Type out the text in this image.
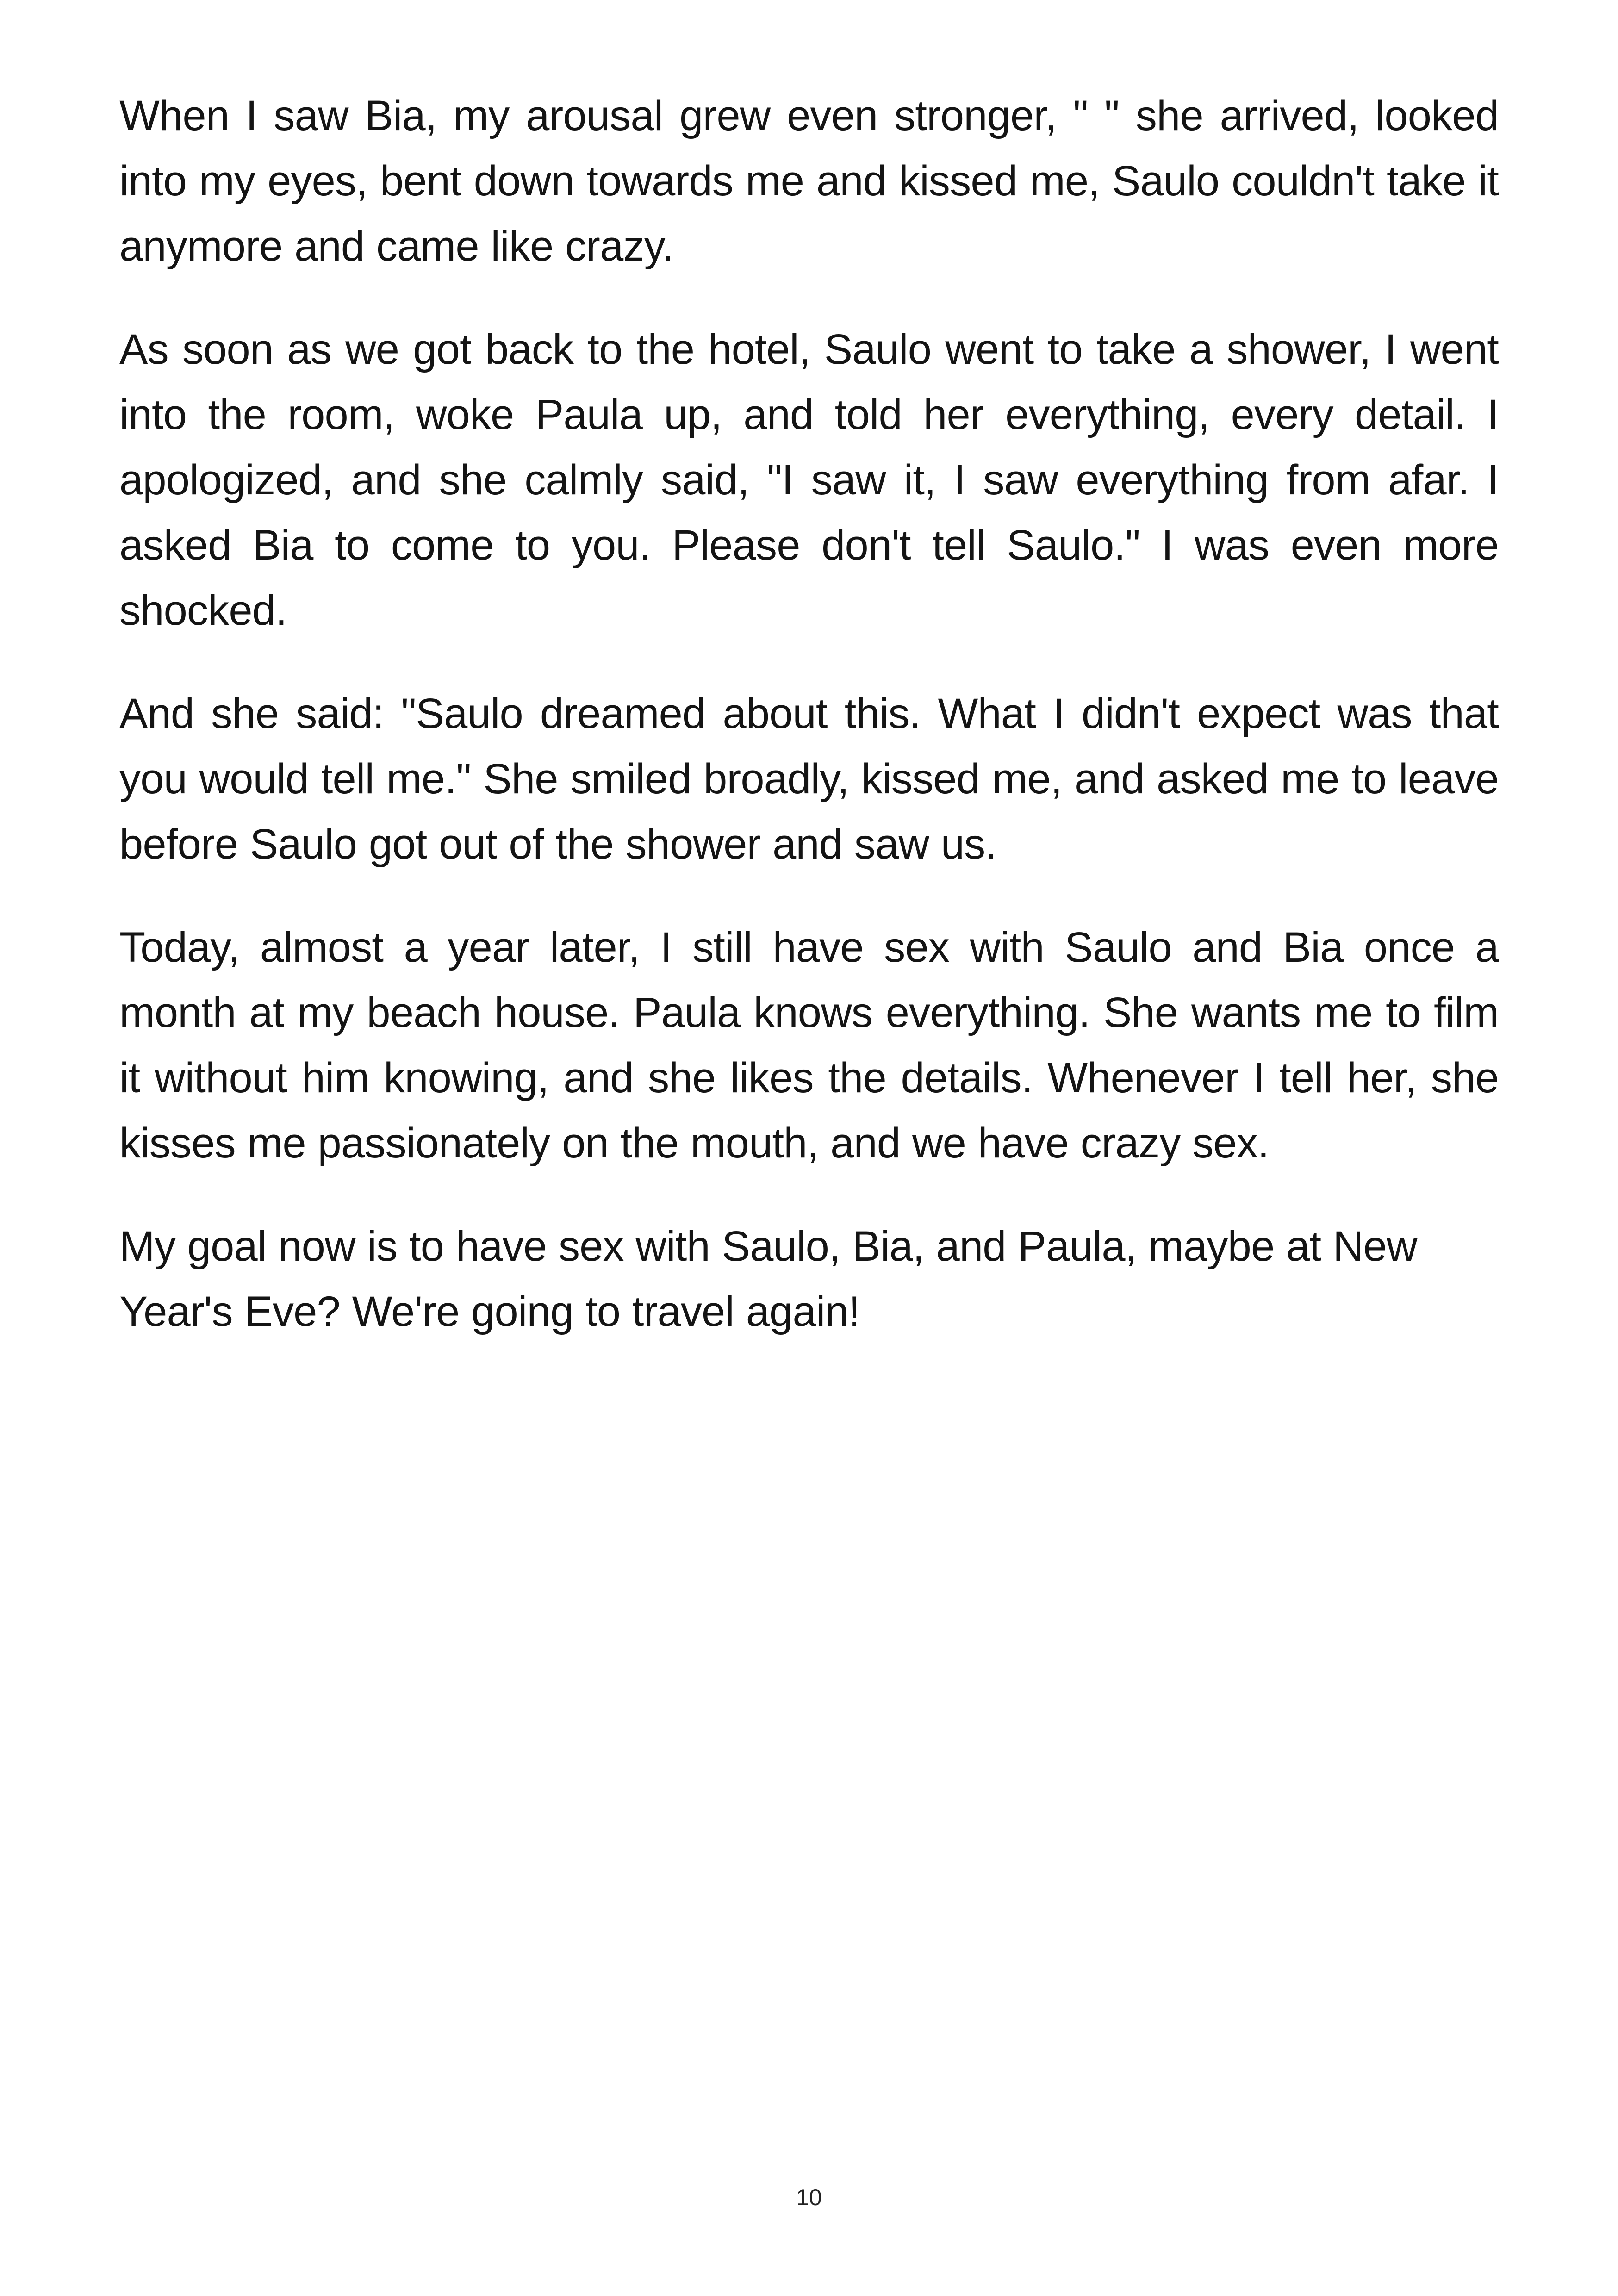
When I saw Bia, my arousal grew even stronger, " " she arrived, looked into my eyes, bent down towards me and kissed me, Saulo couldn't take it anymore and came like crazy.

As soon as we got back to the hotel, Saulo went to take a shower, I went into the room, woke Paula up, and told her everything, every detail. I apologized, and she calmly said, "I saw it, I saw everything from afar. I asked Bia to come to you. Please don't tell Saulo." I was even more shocked.

And she said: "Saulo dreamed about this. What I didn't expect was that you would tell me." She smiled broadly, kissed me, and asked me to leave before Saulo got out of the shower and saw us.

Today, almost a year later, I still have sex with Saulo and Bia once a month at my beach house. Paula knows everything. She wants me to film it without him knowing, and she likes the details. Whenever I tell her, she kisses me passionately on the mouth, and we have crazy sex.

My goal now is to have sex with Saulo, Bia, and Paula, maybe at New Year's Eve? We're going to travel again!

10
